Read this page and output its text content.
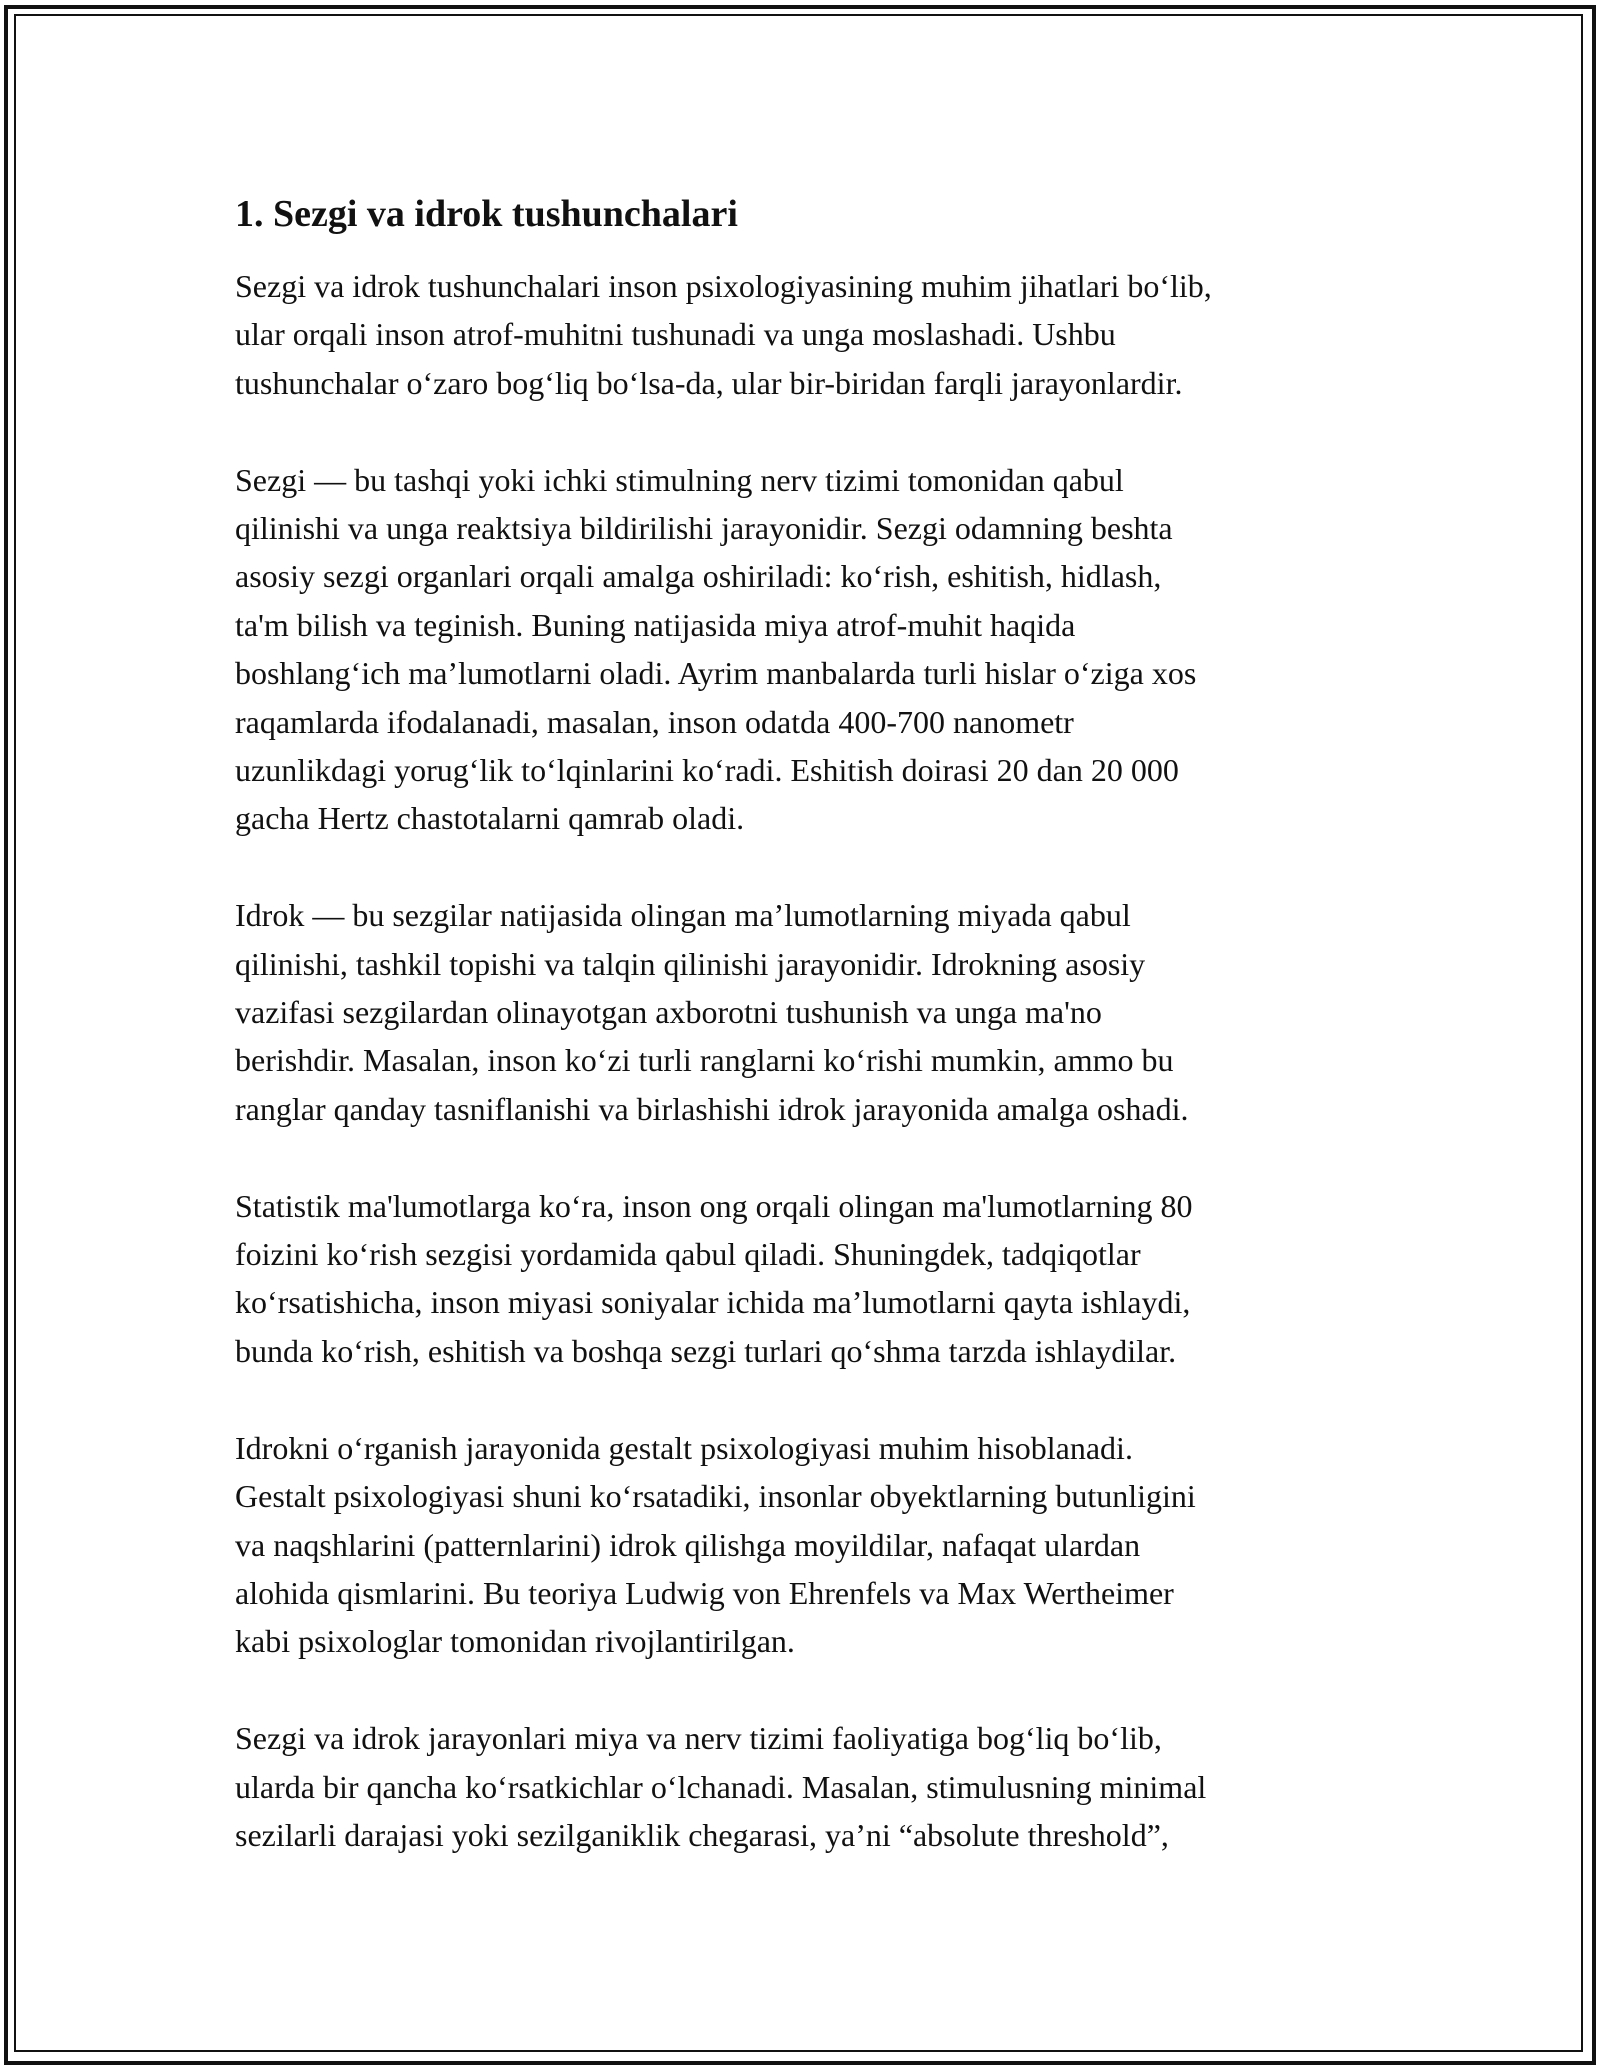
1. Sezgi va idrok tushunchalari

Sezgi va idrok tushunchalari inson psixologiyasining muhim jihatlari bo‘lib,
ular orqali inson atrof-muhitni tushunadi va unga moslashadi. Ushbu
tushunchalar o‘zaro bog‘liq bo‘lsa-da, ular bir-biridan farqli jarayonlardir.

Sezgi — bu tashqi yoki ichki stimulning nerv tizimi tomonidan qabul
qilinishi va unga reaktsiya bildirilishi jarayonidir. Sezgi odamning beshta
asosiy sezgi organlari orqali amalga oshiriladi: ko‘rish, eshitish, hidlash,
ta'm bilish va teginish. Buning natijasida miya atrof-muhit haqida
boshlang‘ich ma’lumotlarni oladi. Ayrim manbalarda turli hislar o‘ziga xos
raqamlarda ifodalanadi, masalan, inson odatda 400-700 nanometr
uzunlikdagi yorug‘lik to‘lqinlarini ko‘radi. Eshitish doirasi 20 dan 20 000
gacha Hertz chastotalarni qamrab oladi.

Idrok — bu sezgilar natijasida olingan ma’lumotlarning miyada qabul
qilinishi, tashkil topishi va talqin qilinishi jarayonidir. Idrokning asosiy
vazifasi sezgilardan olinayotgan axborotni tushunish va unga ma'no
berishdir. Masalan, inson ko‘zi turli ranglarni ko‘rishi mumkin, ammo bu
ranglar qanday tasniflanishi va birlashishi idrok jarayonida amalga oshadi.

Statistik ma'lumotlarga ko‘ra, inson ong orqali olingan ma'lumotlarning 80
foizini ko‘rish sezgisi yordamida qabul qiladi. Shuningdek, tadqiqotlar
ko‘rsatishicha, inson miyasi soniyalar ichida ma’lumotlarni qayta ishlaydi,
bunda ko‘rish, eshitish va boshqa sezgi turlari qo‘shma tarzda ishlaydilar.

Idrokni o‘rganish jarayonida gestalt psixologiyasi muhim hisoblanadi.
Gestalt psixologiyasi shuni ko‘rsatadiki, insonlar obyektlarning butunligini
va naqshlarini (patternlarini) idrok qilishga moyildilar, nafaqat ulardan
alohida qismlarini. Bu teoriya Ludwig von Ehrenfels va Max Wertheimer
kabi psixologlar tomonidan rivojlantirilgan.

Sezgi va idrok jarayonlari miya va nerv tizimi faoliyatiga bog‘liq bo‘lib,
ularda bir qancha ko‘rsatkichlar o‘lchanadi. Masalan, stimulusning minimal
sezilarli darajasi yoki sezilganiklik chegarasi, ya’ni “absolute threshold”,
